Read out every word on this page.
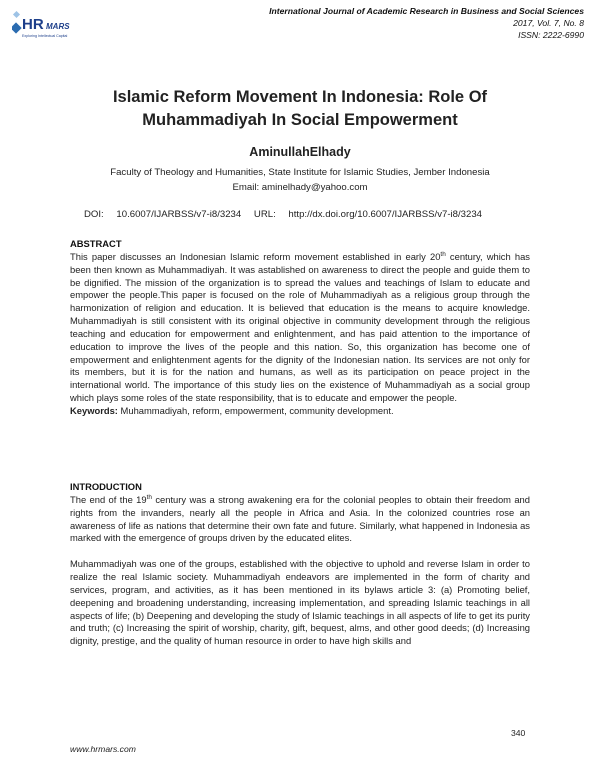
HR MARS
Exploring Intellectual Capital
International Journal of Academic Research in Business and Social Sciences
2017, Vol. 7, No. 8
ISSN: 2222-6990
Islamic Reform Movement In Indonesia: Role Of
Muhammadiyah In Social Empowerment
AminullahElhady
Faculty of Theology and Humanities, State Institute for Islamic Studies, Jember Indonesia
Email: aminelhady@yahoo.com
DOI: 10.6007/IJARBSS/v7-i8/3234 URL: http://dx.doi.org/10.6007/IJARBSS/v7-i8/3234
ABSTRACT

This paper discusses an Indonesian Islamic reform movement established in early 20th century, which has been then known as Muhammadiyah. It was astablished on awareness to direct the people and guide them to be dignified. The mission of the organization is to spread the values and teachings of Islam to educate and empower the people.This paper is focused on the role of Muhammadiyah as a religious group through the harmonization of religion and education. It is believed that education is the means to acquire knowledge. Muhammadiyah is still consistent with its original objective in community development through the religious teaching and education for empowerment and enlightenment, and has paid attention to the importance of education to improve the lives of the people and this nation. So, this organization has become one of empowerment and enlightenment agents for the dignity of the Indonesian nation. Its services are not only for its members, but it is for the nation and humans, as well as its participation on peace project in the international world. The importance of this study lies on the existence of Muhammadiyah as a social group which plays some roles of the state responsibility, that is to educate and empower the people.

Keywords: Muhammadiyah, reform, empowerment, community development.

INTRODUCTION

The end of the 19th century was a strong awakening era for the colonial peoples to obtain their freedom and rights from the invanders, nearly all the people in Africa and Asia. In the colonized countries rose an awareness of life as nations that determine their own fate and future. Similarly, what happened in Indonesia as marked with the emergence of groups driven by the educated elites.

Muhammadiyah was one of the groups, established with the objective to uphold and reverse Islam in order to realize the real Islamic society. Muhammadiyah endeavors are implemented in the form of charity and services, program, and activities, as it has been mentioned in its bylaws article 3: (a) Promoting belief, deepening and broadening understanding, increasing implementation, and spreading Islamic teachings in all aspects of life; (b) Deepening and developing the study of Islamic teachings in all aspects of life to get its purity and truth; (c) Increasing the spirit of worship, charity, gift, bequest, alms, and other good deeds; (d) Increasing dignity, prestige, and the quality of human resource in order to have high skills and

340
www.hrmars.com
